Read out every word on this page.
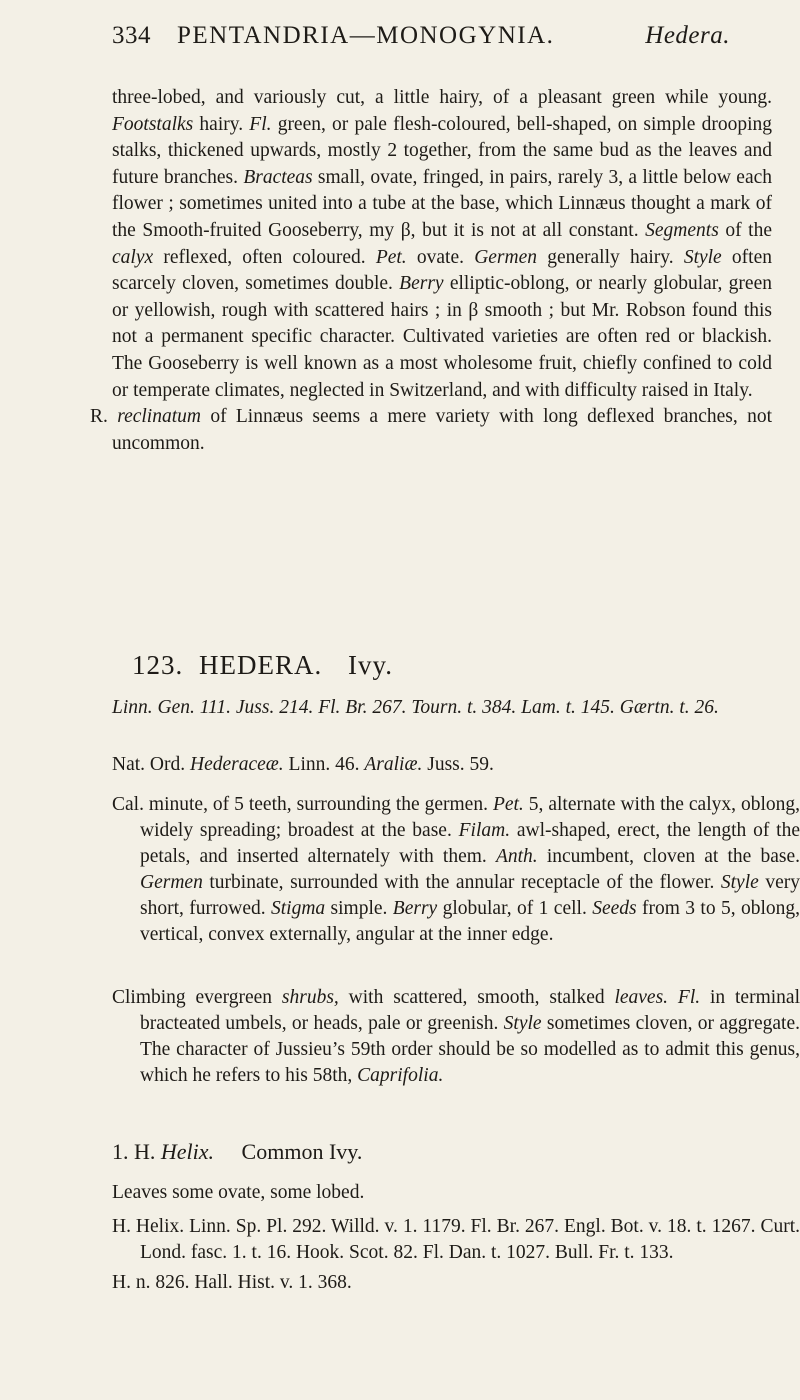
334 PENTANDRIA—MONOGYNIA.	Hedera.

three-lobed, and variously cut, a little hairy, of a pleasant green while young. Footstalks hairy. Fl. green, or pale flesh-coloured, bell-shaped, on simple drooping stalks, thickened upwards, mostly 2 together, from the same bud as the leaves and future branches. Bracteas small, ovate, fringed, in pairs, rarely 3, a little below each flower ; sometimes united into a tube at the base, which Linnæus thought a mark of the Smooth-fruited Gooseberry, my β, but it is not at all constant. Segments of the calyx reflexed, often coloured. Pet. ovate. Germen generally hairy. Style often scarcely cloven, sometimes double. Berry elliptic-oblong, or nearly globular, green or yellowish, rough with scattered hairs ; in β smooth ; but Mr. Robson found this not a permanent specific character. Cultivated varieties are often red or blackish. The Gooseberry is well known as a most wholesome fruit, chiefly confined to cold or temperate climates, neglected in Switzerland, and with difficulty raised in Italy.
R. reclinatum of Linnæus seems a mere variety with long deflexed branches, not uncommon.

123. HEDERA. Ivy.

Linn. Gen. 111. Juss. 214. Fl. Br. 267. Tourn. t. 384. Lam. t. 145. Gærtn. t. 26.

Nat. Ord. Hederaceæ. Linn. 46. Araliæ. Juss. 59.

Cal. minute, of 5 teeth, surrounding the germen. Pet. 5, alternate with the calyx, oblong, widely spreading; broadest at the base. Filam. awl-shaped, erect, the length of the petals, and inserted alternately with them. Anth. incumbent, cloven at the base. Germen turbinate, surrounded with the annular receptacle of the flower. Style very short, furrowed. Stigma simple. Berry globular, of 1 cell. Seeds from 3 to 5, oblong, vertical, convex externally, angular at the inner edge.

Climbing evergreen shrubs, with scattered, smooth, stalked leaves. Fl. in terminal bracteated umbels, or heads, pale or greenish. Style sometimes cloven, or aggregate. The character of Jussieu’s 59th order should be so modelled as to admit this genus, which he refers to his 58th, Caprifolia.

1. H. Helix. Common Ivy.

Leaves some ovate, some lobed.

H. Helix. Linn. Sp. Pl. 292. Willd. v. 1. 1179. Fl. Br. 267. Engl. Bot. v. 18. t. 1267. Curt. Lond. fasc. 1. t. 16. Hook. Scot. 82. Fl. Dan. t. 1027. Bull. Fr. t. 133.

H. n. 826. Hall. Hist. v. 1. 368.
